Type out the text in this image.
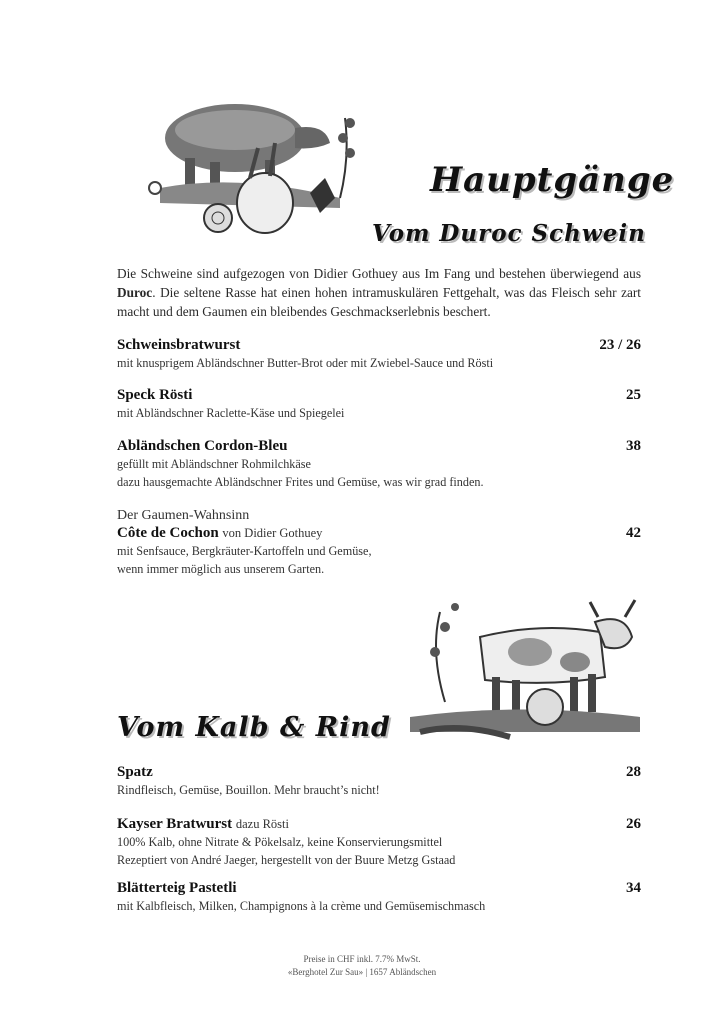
Hauptgänge
Vom Duroc Schwein
Die Schweine sind aufgezogen von Didier Gothuey aus Im Fang und bestehen überwiegend aus Duroc. Die seltene Rasse hat einen hohen intramuskulären Fettgehalt, was das Fleisch sehr zart macht und dem Gaumen ein bleibendes Geschmackserlebnis beschert.
Schweinsbratwurst	23 / 26
mit knusprigem Abländschner Butter-Brot oder mit Zwiebel-Sauce und Rösti
Speck Rösti	25
mit Abländschner Raclette-Käse und Spiegelei
Abländschen Cordon-Bleu	38
gefüllt mit Abländschner Rohmilchkäse
dazu hausgemachte Abländschner Frites und Gemüse, was wir grad finden.
Der Gaumen-Wahnsinn
Côte de Cochon von Didier Gothuey	42
mit Senfsauce, Bergkräuter-Kartoffeln und Gemüse,
wenn immer möglich aus unserem Garten.
Vom Kalb & Rind
Spatz	28
Rindfleisch, Gemüse, Bouillon. Mehr braucht’s nicht!
Kayser Bratwurst dazu Rösti	26
100% Kalb, ohne Nitrate & Pökelsalz, keine Konservierungsmittel
Rezeptiert von André Jaeger, hergestellt von der Buure Metzg Gstaad
Blätterteig Pastetli	34
mit Kalbfleisch, Milken, Champignons à la crème und Gemüsemischmasch
Preise in CHF inkl. 7.7% MwSt.
«Berghotel Zur Sau» | 1657 Abländschen
